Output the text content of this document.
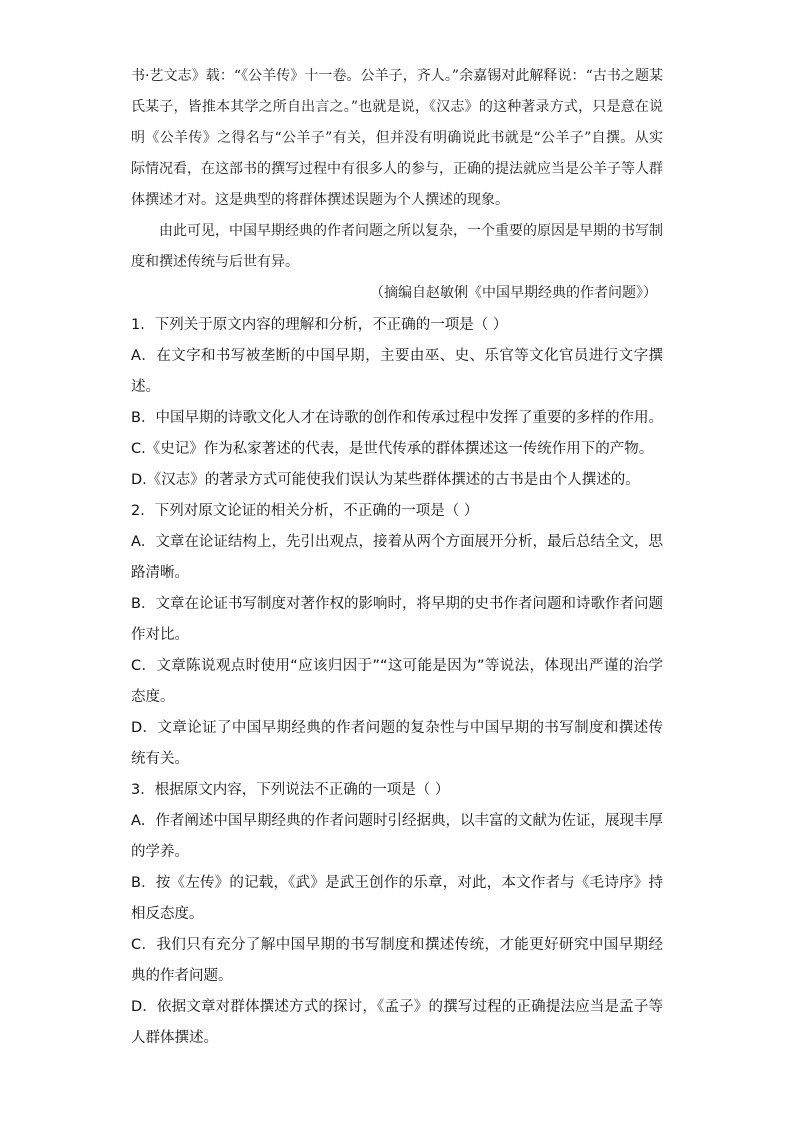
书·艺文志》载：“《公羊传》十一卷。公羊子，齐人。”余嘉锡对此解释说：“古书之题某氏某子，皆推本其学之所自出言之。”也就是说，《汉志》的这种著录方式，只是意在说明《公羊传》之得名与“公羊子”有关，但并没有明确说此书就是“公羊子”自撰。从实际情况看，在这部书的撰写过程中有很多人的参与，正确的提法就应当是公羊子等人群体撰述才对。这是典型的将群体撰述误题为个人撰述的现象。

由此可见，中国早期经典的作者问题之所以复杂，一个重要的原因是早期的书写制度和撰述传统与后世有异。

（摘编自赵敏俐《中国早期经典的作者问题》）

1．下列关于原文内容的理解和分析，不正确的一项是（ ）

A．在文字和书写被垄断的中国早期，主要由巫、史、乐官等文化官员进行文字撰述。

B．中国早期的诗歌文化人才在诗歌的创作和传承过程中发挥了重要的多样的作用。

C.《史记》作为私家著述的代表，是世代传承的群体撰述这一传统作用下的产物。

D.《汉志》的著录方式可能使我们误认为某些群体撰述的古书是由个人撰述的。

2．下列对原文论证的相关分析，不正确的一项是（ ）

A．文章在论证结构上，先引出观点，接着从两个方面展开分析，最后总结全文，思路清晰。

B．文章在论证书写制度对著作权的影响时，将早期的史书作者问题和诗歌作者问题作对比。

C．文章陈说观点时使用“应该归因于”“这可能是因为”等说法，体现出严谨的治学态度。

D．文章论证了中国早期经典的作者问题的复杂性与中国早期的书写制度和撰述传统有关。

3．根据原文内容，下列说法不正确的一项是（ ）

A．作者阐述中国早期经典的作者问题时引经据典，以丰富的文献为佐证，展现丰厚的学养。

B．按《左传》的记载，《武》是武王创作的乐章，对此，本文作者与《毛诗序》持相反态度。

C．我们只有充分了解中国早期的书写制度和撰述传统，才能更好研究中国早期经典的作者问题。

D．依据文章对群体撰述方式的探讨，《孟子》的撰写过程的正确提法应当是孟子等人群体撰述。
